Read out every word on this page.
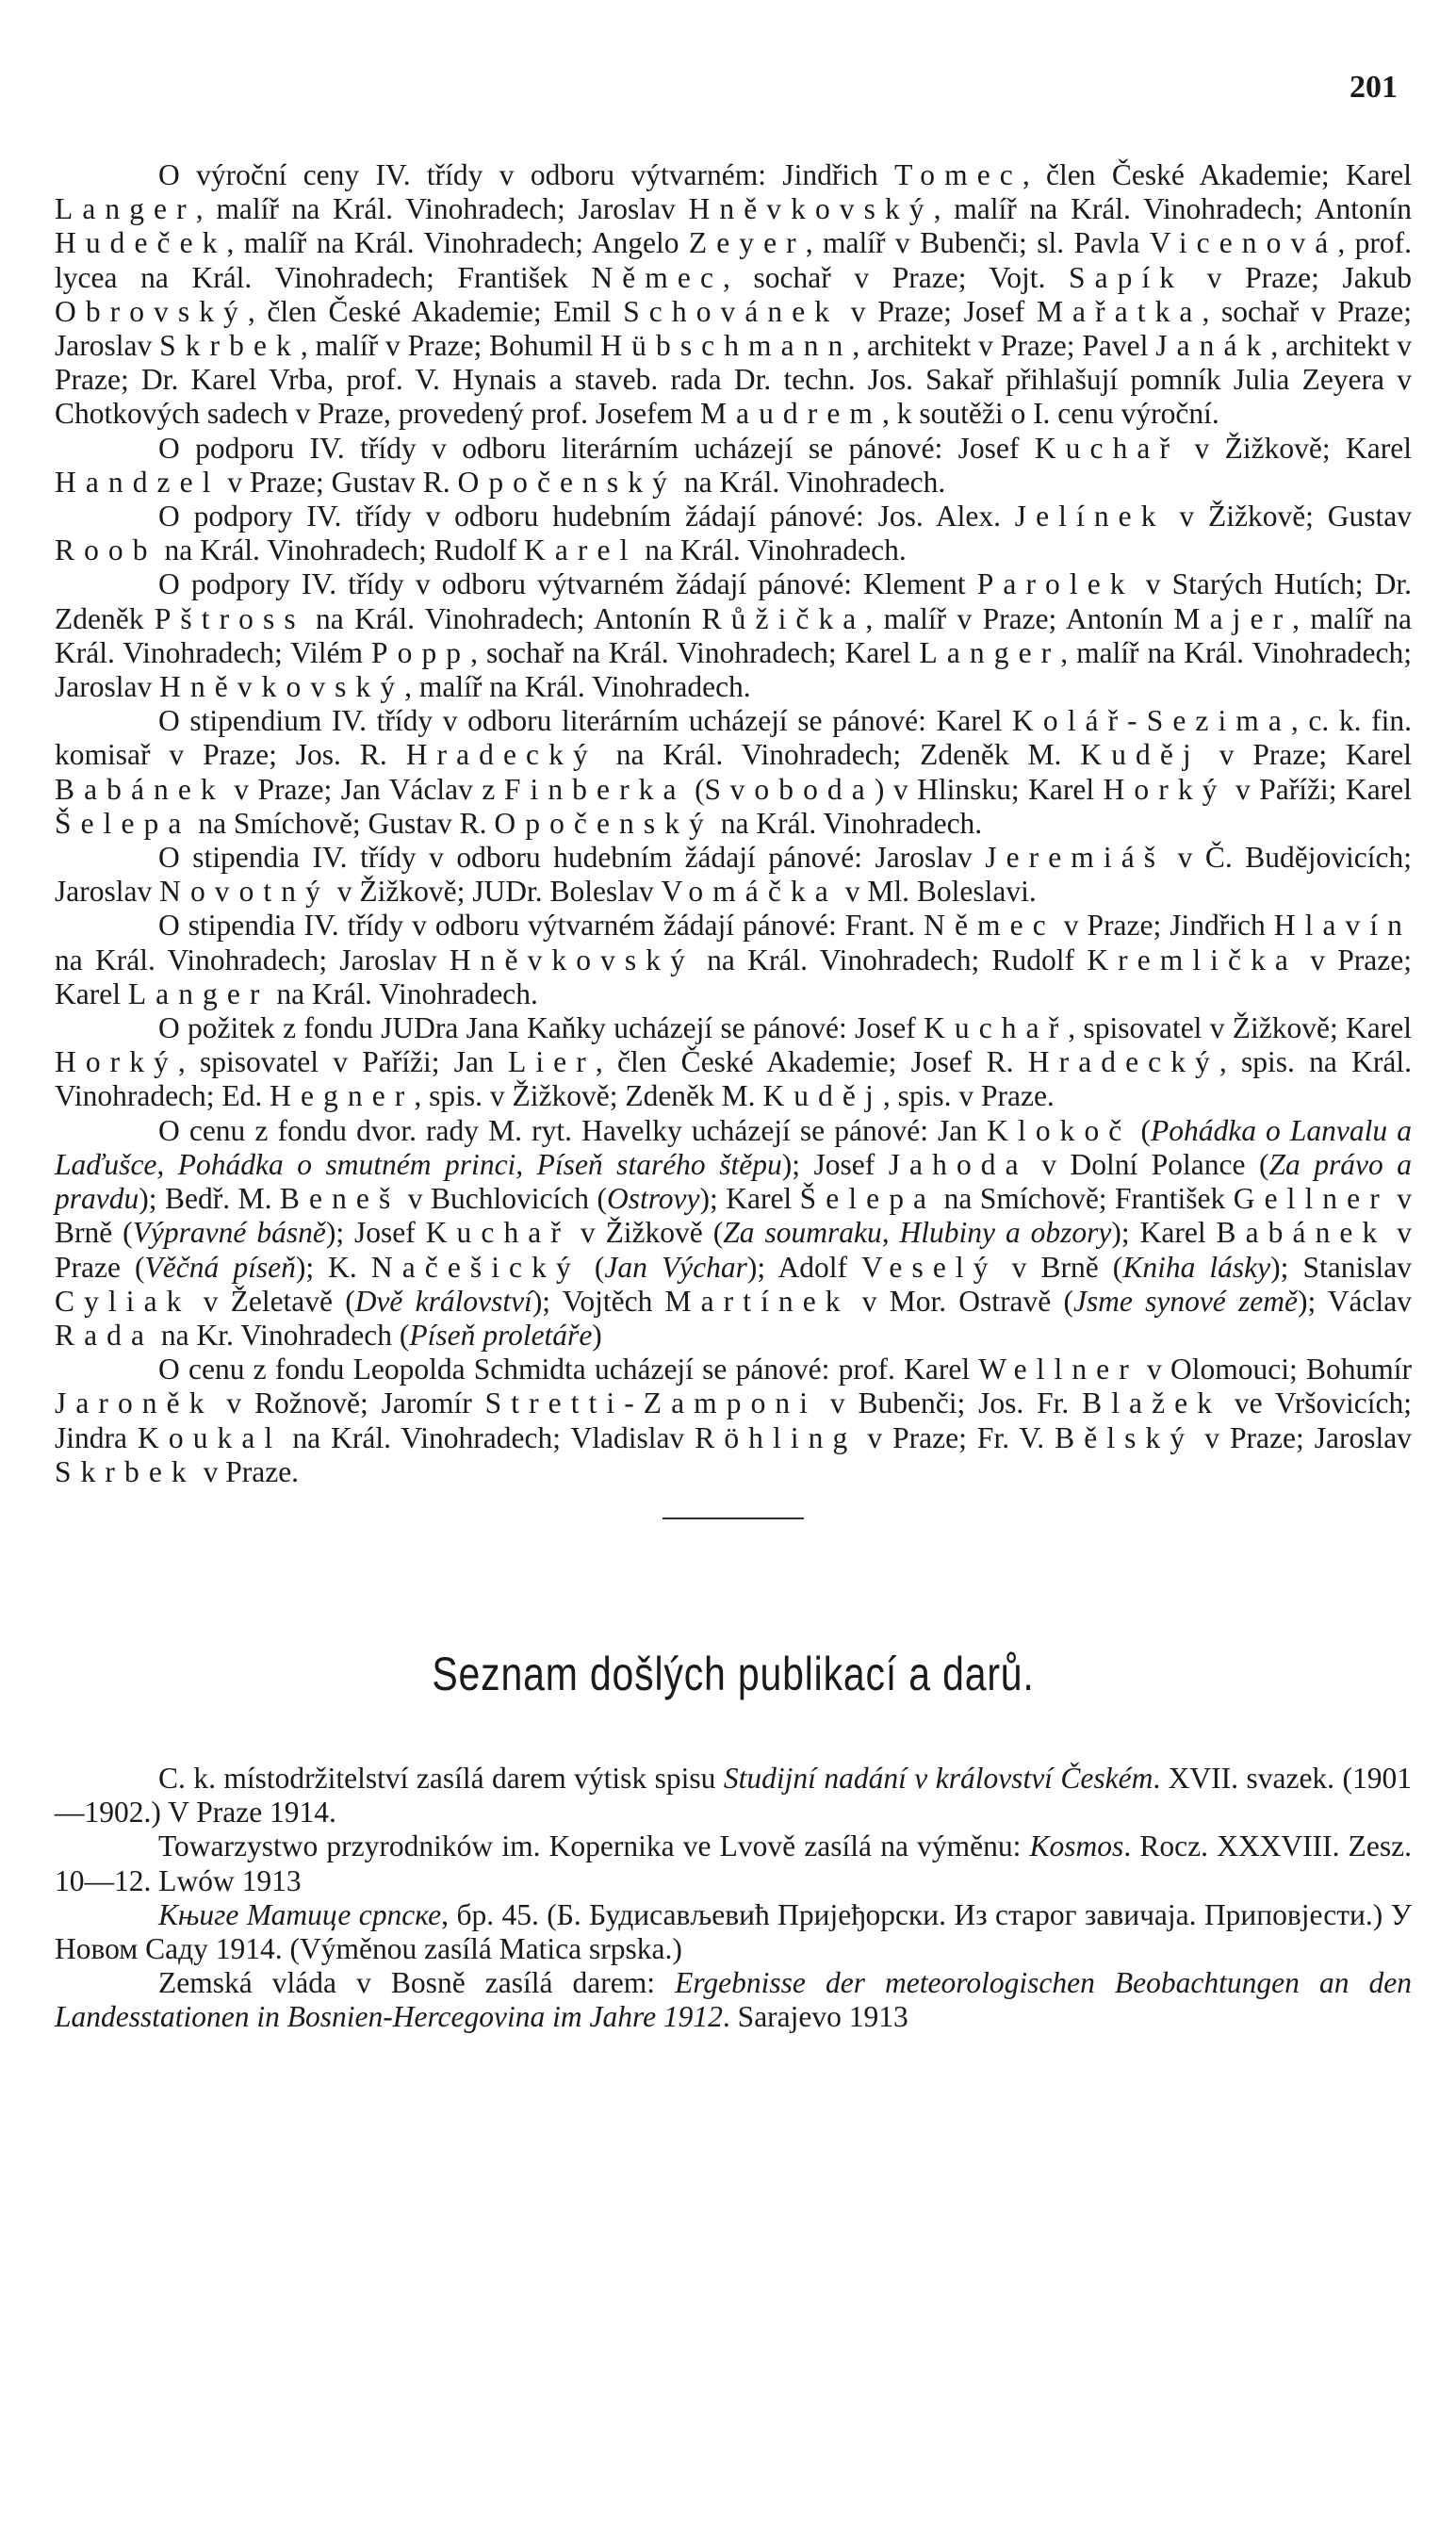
201

O výroční ceny IV. třídy v odboru výtvarném: Jindřich Tomec, člen České Akademie; Karel Langer, malíř na Král. Vinohradech; Jaroslav Hněvkovský, malíř na Král. Vinohradech; Antonín Hudeček, malíř na Král. Vinohradech; Angelo Zeyer, malíř v Bubenči; sl. Pavla Vicenová, prof. lycea na Král. Vinohradech; František Němec, sochař v Praze; Vojt. Sapík v Praze; Jakub Obrovský, člen České Akademie; Emil Schovánek v Praze; Josef Mařatka, sochař v Praze; Jaroslav Skrbek, malíř v Praze; Bohumil Hübschmann, architekt v Praze; Pavel Janák, architekt v Praze; Dr. Karel Vrba, prof. V. Hynais a staveb. rada Dr. techn. Jos. Sakař přihlašují pomník Julia Zeyera v Chotkových sadech v Praze, provedený prof. Josefem Maudrem, k soutěži o I. cenu výroční.

O podporu IV. třídy v odboru literárním ucházejí se pánové: Josef Kuchař v Žižkově; Karel Handzel v Praze; Gustav R. Opočenský na Král. Vinohradech.

O podpory IV. třídy v odboru hudebním žádají pánové: Jos. Alex. Jelínek v Žižkově; Gustav Roob na Král. Vinohradech; Rudolf Karel na Král. Vinohradech.

O podpory IV. třídy v odboru výtvarném žádají pánové: Klement Parolek v Starých Hutích; Dr. Zdeněk Pštross na Král. Vinohradech; Antonín Růžička, malíř v Praze; Antonín Majer, malíř na Král. Vinohradech; Vilém Popp, sochař na Král. Vinohradech; Karel Langer, malíř na Král. Vinohradech; Jaroslav Hněvkovský, malíř na Král. Vinohradech.

O stipendium IV. třídy v odboru literárním ucházejí se pánové: Karel Kolář-Sezima, c. k. fin. komisař v Praze; Jos. R. Hradecký na Král. Vinohradech; Zdeněk M. Kuděj v Praze; Karel Babánek v Praze; Jan Václav z Finberka (S voboda) v Hlinsku; Karel Horký v Paříži; Karel Šelepa na Smíchově; Gustav R. Opočenský na Král. Vinohradech.

O stipendia IV. třídy v odboru hudebním žádají pánové: Jaroslav Jeremiáš v Č. Budějovicích; Jaroslav Novotný v Žižkově; JUDr. Boleslav Vomáčka v Ml. Boleslavi.

O stipendia IV. třídy v odboru výtvarném žádají pánové: Frant. Němec v Praze; Jindřich Hlavín na Král. Vinohradech; Jaroslav Hněvkovský na Král. Vinohradech; Rudolf Kremlička v Praze; Karel Langer na Král. Vinohradech.

O požitek z fondu JUDra Jana Kaňky ucházejí se pánové: Josef Kuchař, spisovatel v Žižkově; Karel Horký, spisovatel v Paříži; Jan Lier, člen České Akademie; Josef R. Hradecký, spis. na Král. Vinohradech; Ed. Hegner, spis. v Žižkově; Zdeněk M. Kuděj, spis. v Praze.

O cenu z fondu dvor. rady M. ryt. Havelky ucházejí se pánové: Jan Klokoč (Pohádka o Lanvalu a Laďušce, Pohádka o smutném princi, Píseň starého štěpu); Josef Jahoda v Dolní Polance (Za právo a pravdu); Bedř. M. Beneš v Buchlovicích (Ostrovy); Karel Šelepa na Smíchově; František Gellner v Brně (Výpravné básně); Josef Kuchař v Žižkově (Za soumraku, Hlubiny a obzory); Karel Babánek v Praze (Věčná píseň); K. Načešický (Jan Výchar); Adolf Veselý v Brně (Kniha lásky); Stanislav Cyliak v Želetavě (Dvě království); Vojtěch Martínek v Mor. Ostravě (Jsme synové země); Václav Rada na Kr. Vinohradech (Píseň proletáře)

O cenu z fondu Leopolda Schmidta ucházejí se pánové: prof. Karel Wellner v Olomouci; Bohumír Jaroněk v Rožnově; Jaromír Stretti-Zamponi v Bubenči; Jos. Fr. Blažek ve Vršovicích; Jindra Koukal na Král. Vinohradech; Vladislav Röhling v Praze; Fr. V. Bělský v Praze; Jaroslav Skrbek v Praze.

Seznam došlých publikací a darů.

C. k. místodržitelství zasílá darem výtisk spisu Studijní nadání v království Českém. XVII. svazek. (1901—1902.) V Praze 1914.

Towarzystwo przyrodników im. Kopernika ve Lvově zasílá na výměnu: Kosmos. Rocz. XXXVIII. Zesz. 10—12. Lwów 1913

Књиге Матице српске, бр. 45. (Б. Будисављевић Пријеђорски. Из старог завичаја. Приповјести.) У Новом Саду 1914. (Výměnou zasílá Matica srpska.)

Zemská vláda v Bosně zasílá darem: Ergebnisse der meteorologischen Beobachtungen an den Landesstationen in Bosnien-Hercegovina im Jahre 1912. Sarajevo 1913
